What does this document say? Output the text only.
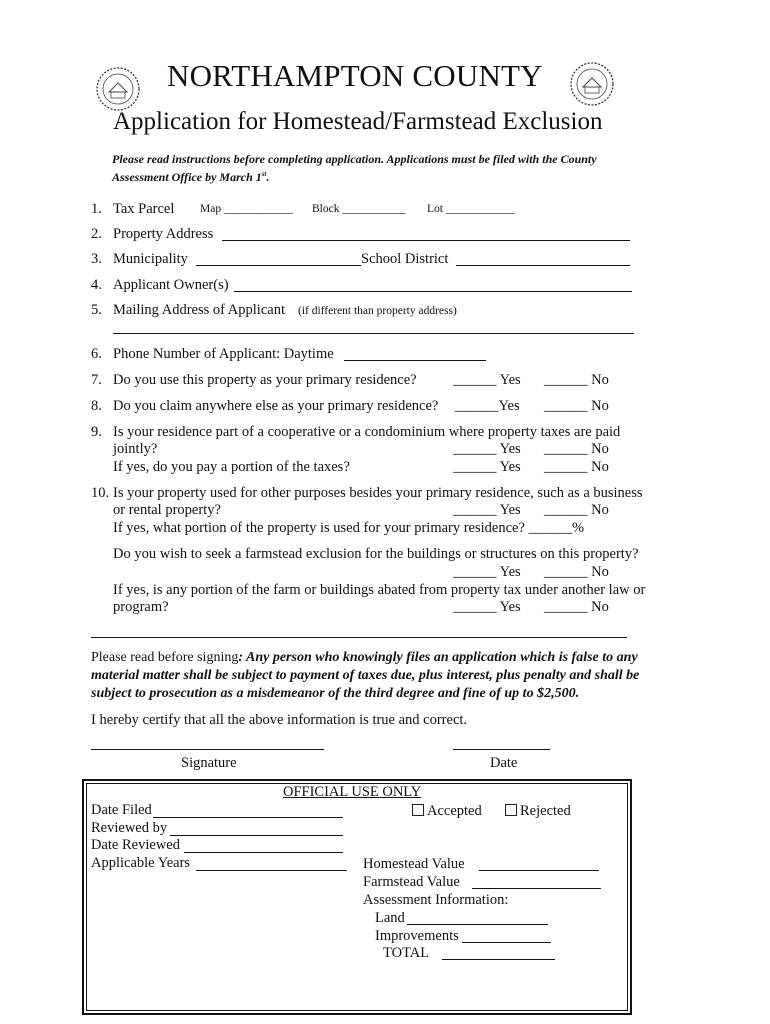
NORTHAMPTON COUNTY
Application for Homestead/Farmstead Exclusion
Please read instructions before completing application. Applications must be filed with the County Assessment Office by March 1st.
1. Tax Parcel Map ____________ Block ___________ Lot ____________
2. Property Address
3. Municipality	School District
4. Applicant Owner(s)
5. Mailing Address of Applicant (if different than property address)
6. Phone Number of Applicant: Daytime
7. Do you use this property as your primary residence?	______ Yes ______ No
8. Do you claim anywhere else as your primary residence? ______Yes ______ No
9. Is your residence part of a cooperative or a condominium where property taxes are paid
jointly?	______ Yes ______ No
If yes, do you pay a portion of the taxes?	______ Yes ______ No
10. Is your property used for other purposes besides your primary residence, such as a business
or rental property?	______ Yes ______ No
If yes, what portion of the property is used for your primary residence? ______%
Do you wish to seek a farmstead exclusion for the buildings or structures on this property?
______ Yes ______ No
If yes, is any portion of the farm or buildings abated from property tax under another law or
program?	______ Yes ______ No
Please read before signing: Any person who knowingly files an application which is false to any material matter shall be subject to payment of taxes due, plus interest, plus penalty and shall be subject to prosecution as a misdemeanor of the third degree and fine of up to $2,500.
I hereby certify that all the above information is true and correct.
Signature	Date
OFFICIAL USE ONLY
Date Filed
Reviewed by
Date Reviewed
Applicable Years
Accepted	Rejected
Homestead Value
Farmstead Value
Assessment Information:
Land
Improvements
TOTAL
